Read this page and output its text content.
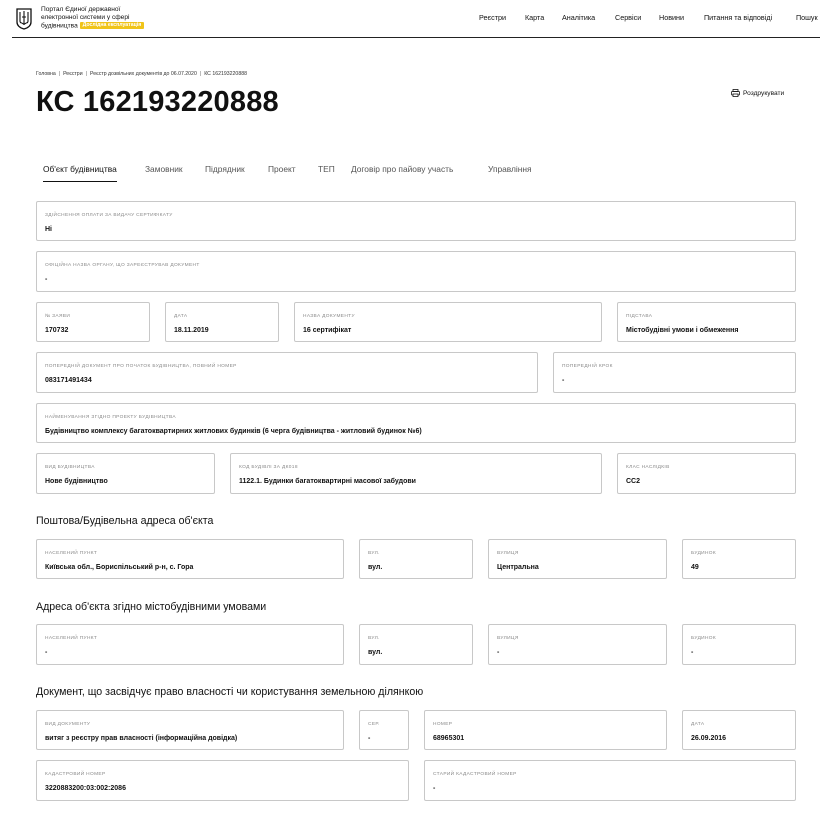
Портал Єдиної державної
електронної системи у сфері
будівництва Дослідна експлуатація
Реєстри	Карта Аналітика	Сервіси Новини	Питання та відповіді	Пошук
Головна | Реєстри | Реєстр дозвільних документів до 06.07.2020 | КС 162193220888
КС 162193220888	Роздрукувати
Об'єкт будівництва	Замовник	Підрядник	Проект	ТЕП Договір про пайову участь	Управління
ЗДІЙСНЕННЯ ОПЛАТИ ЗА ВИДАЧУ СЕРТИФІКАТУ
Ні
ОФІЦІЙНА НАЗВА ОРГАНУ, ЩО ЗАРЕЄСТРУВАВ ДОКУМЕНТ
-
№ ЗАЯВИ
170732
ДАТА
18.11.2019
НАЗВА ДОКУМЕНТУ
16 сертифікат
ПІДСТАВА
Містобудівні умови і обмеження
ПОПЕРЕДНІЙ ДОКУМЕНТ ПРО ПОЧАТОК БУДІВНИЦТВА, ПОВНИЙ НОМЕР
083171491434
ПОПЕРЕДНІЙ КРОК
-
НАЙМЕНУВАННЯ ЗГІДНО ПРОЕКТУ БУДІВНИЦТВА
Будівництво комплексу багатоквартирних житлових будинків (6 черга будівництва - житловий будинок №6)
ВИД БУДІВНИЦТВА
Нове будівництво
КОД БУДІВЛІ ЗА ДК018
1122.1. Будинки багатоквартирні масової забудови
КЛАС НАСЛІДКІВ
СС2
Поштова/Будівельна адреса об'єкта
НАСЕЛЕНИЙ ПУНКТ
Київська обл., Бориспільський р-н, с. Гора
ВУЛ.
вул.
ВУЛИЦЯ
Центральна
БУДИНОК
49
Адреса об'єкта згідно містобудівними умовами
НАСЕЛЕНИЙ ПУНКТ
-
ВУЛ.
вул.
ВУЛИЦЯ
-
БУДИНОК
-
Документ, що засвідчує право власності чи користування земельною ділянкою
ВИД ДОКУМЕНТУ
витяг з реєстру прав власності (інформаційна довідка)
СЕР.
-
НОМЕР
68965301
ДАТА
26.09.2016
КАДАСТРОВИЙ НОМЕР
3220883200:03:002:2086
СТАРИЙ КАДАСТРОВИЙ НОМЕР
-
